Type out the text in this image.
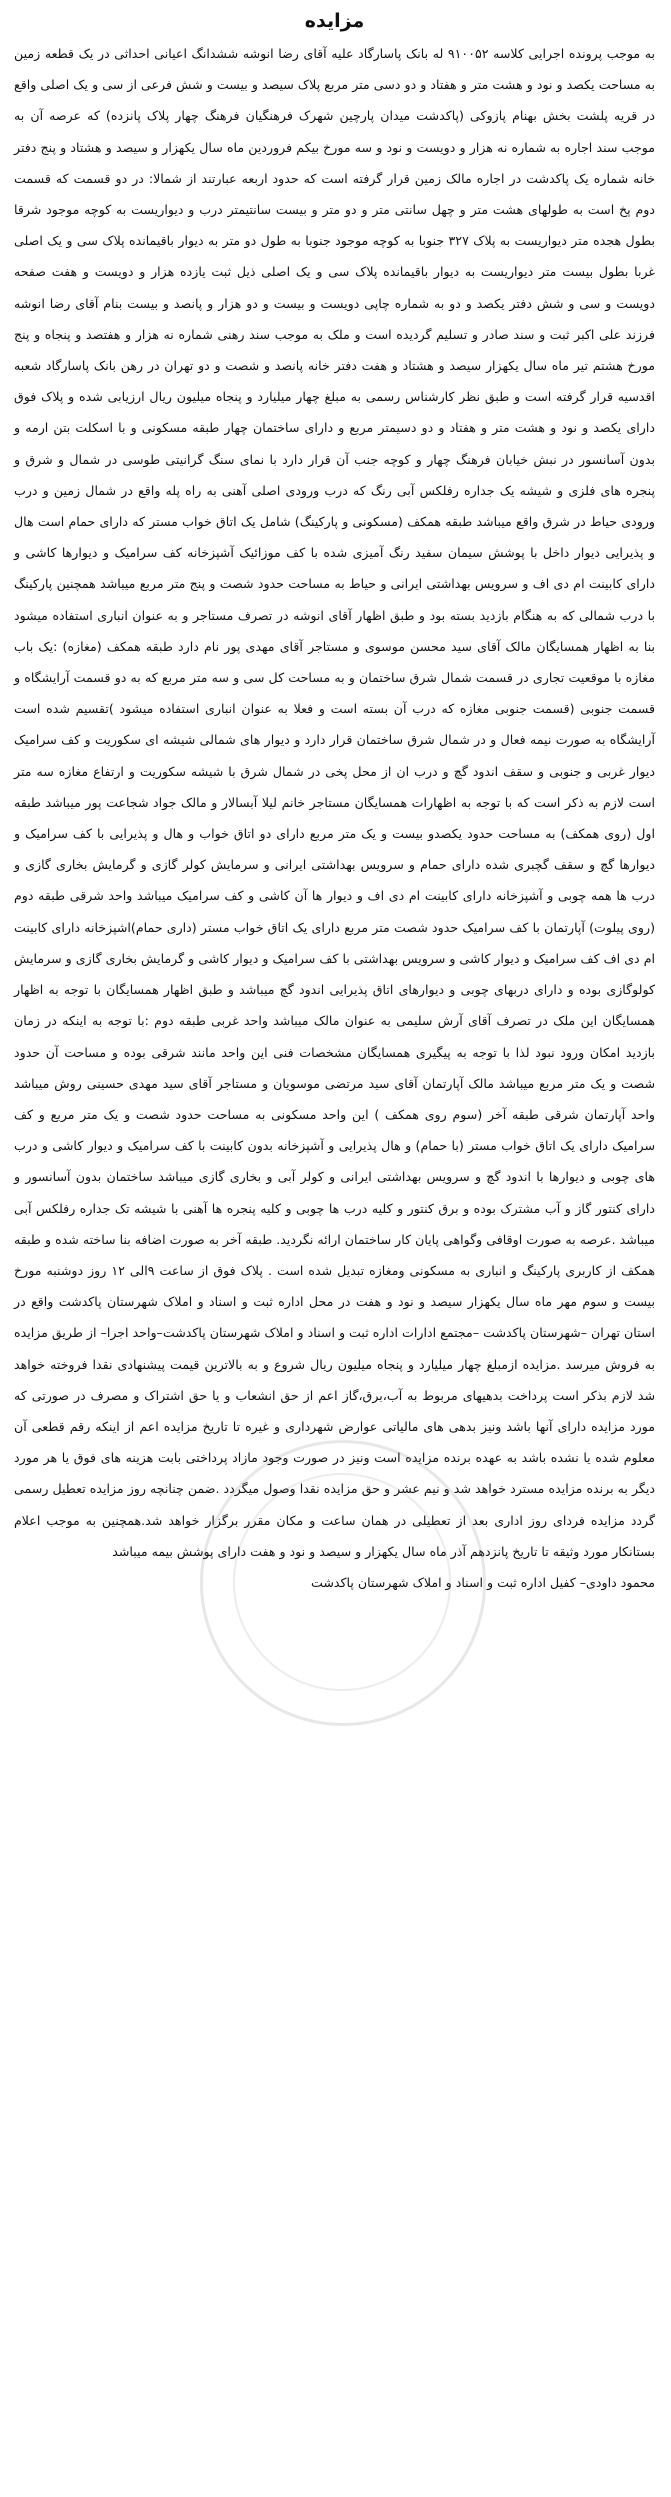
مزایده

به موجب پرونده اجرایی کلاسه ۹۱۰۰۵۲ له بانک پاسارگاد علیه آقای رضا انوشه ششدانگ اعیانی احداثی در یک قطعه زمین به مساحت یکصد و نود و هشت متر و هفتاد و دو دسی متر مربع پلاک سیصد و بیست و شش فرعی از سی و یک اصلی واقع در قریه پلشت بخش بهنام پازوکی (پاکدشت میدان پارچین شهرک فرهنگیان فرهنگ چهار پلاک پانزده) که عرصه آن به موجب سند اجاره به شماره نه هزار و دویست و نود و سه مورخ بیکم فروردین ماه سال یکهزار و سیصد و هشتاد و پنج دفتر خانه شماره یک پاکدشت در اجاره مالک زمین قرار گرفته است که حدود اربعه عبارتند از شمالا: در دو قسمت که قسمت دوم پخ است به طولهای هشت متر و چهل سانتی متر و دو متر و بیست سانتیمتر درب و دیواریست به کوچه موجود شرقا بطول هجده متر دیواریست به پلاک ۳۲۷ جنوبا به کوچه موجود جنوبا به طول دو متر به دیوار باقیمانده پلاک سی و یک اصلی غربا بطول بیست متر دیواریست به دیوار باقیمانده پلاک سی و یک اصلی ذیل ثبت یازده هزار و دویست و هفت صفحه دویست و سی و شش دفتر یکصد و دو به شماره چاپی دویست و بیست و دو هزار و پانصد و بیست بنام آقای رضا انوشه فرزند علی اکبر ثبت و سند صادر و تسلیم گردیده است و ملک به موجب سند رهنی شماره نه هزار و هفتصد و پنجاه و پنج مورخ هشتم تیر ماه سال یکهزار سیصد و هشتاد و هفت دفتر خانه پانصد و شصت و دو تهران در رهن بانک پاسارگاد شعبه اقدسیه قرار گرفته است و طبق نظر کارشناس رسمی به مبلغ چهار میلیارد و پنجاه میلیون ریال ارزیابی شده و پلاک فوق دارای یکصد و نود و هشت متر و هفتاد و دو دسیمتر مربع و دارای ساختمان چهار طبقه مسکونی و با اسکلت بتن ارمه و بدون آسانسور در نبش خیابان فرهنگ چهار و کوچه جنب آن قرار دارد با نمای سنگ گرانیتی طوسی در شمال و شرق و پنجره های فلزی و شیشه یک جداره رفلکس آبی رنگ که درب ورودی اصلی آهنی به راه پله واقع در شمال زمین و درب ورودی حیاط در شرق واقع میباشد طبقه همکف (مسکونی و پارکینگ) شامل یک اتاق خواب مستر که دارای حمام است هال و پذیرایی دیوار داخل با پوشش سیمان سفید رنگ آمیزی شده با کف موزائیک آشپزخانه کف سرامیک و دیوارها کاشی و دارای کابینت ام دی اف و سرویس بهداشتی ایرانی و حیاط به مساحت حدود شصت و پنج متر مربع میباشد همچنین پارکینگ با درب شمالی که به هنگام بازدید بسته بود و طبق اظهار آقای انوشه در تصرف مستاجر و به عنوان انباری استفاده میشود بنا به اظهار همسایگان مالک آقای سید محسن موسوی و مستاجر آقای مهدی پور نام دارد طبقه همکف (مغازه) :یک باب مغازه با موقعیت تجاری در قسمت شمال شرق ساختمان و به مساحت کل سی و سه متر مربع که به دو قسمت آرایشگاه و قسمت جنوبی (قسمت جنوبی مغازه که درب آن بسته است و فعلا به عنوان انباری استفاده میشود )تقسیم شده است آرایشگاه به صورت نیمه فعال و در شمال شرق ساختمان قرار دارد و دیوار های شمالی شیشه ای سکوریت و کف سرامیک دیوار غربی و جنوبی و سقف اندود گچ و درب ان از محل پخی در شمال شرق با شیشه سکوریت و ارتفاع مغازه سه متر است لازم به ذکر است که با توجه به اظهارات همسایگان مستاجر خانم لیلا آبسالار و مالک جواد شجاعت پور میباشد طبقه اول (روی همکف) به مساحت حدود یکصدو بیست و یک متر مربع دارای دو اتاق خواب و هال و پذیرایی با کف سرامیک و دیوارها گچ و سقف گچبری شده دارای حمام و سرویس بهداشتی ایرانی و سرمایش کولر گازی و گرمایش بخاری گازی و درب ها همه چوبی و آشپزخانه دارای کابینت ام دی اف و دیوار ها آن کاشی و کف سرامیک میباشد واحد شرقی طبقه دوم (روی پیلوت) آپارتمان با کف سرامیک حدود شصت متر مربع دارای یک اتاق خواب مستر (داری حمام)اشپزخانه دارای کابینت ام دی اف کف سرامیک و دیوار کاشی و سرویس بهداشتی با کف سرامیک و دیوار کاشی و گرمایش بخاری گازی و سرمایش کولوگازی بوده و دارای دربهای چوبی و دیوارهای اتاق پذیرایی اندود گچ میباشد و طبق اظهار همسایگان با توجه به اظهار همسایگان این ملک در تصرف آقای آرش سلیمی به عنوان مالک میباشد واحد غربی طبقه دوم :با توجه به اینکه در زمان بازدید امکان ورود نبود لذا با توجه به پیگیری همسایگان مشخصات فنی این واحد مانند شرقی بوده و مساحت آن حدود شصت و یک متر مربع میباشد مالک آپارتمان آقای سید مرتضی موسویان و مستاجر آقای سید مهدی حسینی روش میباشد واحد آپارتمان شرقی طبقه آخر (سوم روی همکف ) این واحد مسکونی به مساحت حدود شصت و یک متر مربع و کف سرامیک دارای یک اتاق خواب مستر (با حمام) و هال پذیرایی و آشپزخانه بدون کابینت با کف سرامیک و دیوار کاشی و درب های چوبی و دیوارها با اندود گچ و سرویس بهداشتی ایرانی و کولر آبی و بخاری گازی میباشد ساختمان بدون آسانسور و دارای کنتور گاز و آب مشترک بوده و برق کنتور و کلیه درب ها چوبی و کلیه پنجره ها آهنی با شیشه تک جداره رفلکس آبی میباشد .عرصه به صورت اوقافی وگواهی پایان کار ساختمان ارائه نگردید. طبقه آخر به صورت اضافه بنا ساخته شده و طبقه همکف از کاربری پارکینگ و انباری به مسکونی ومغازه تبدیل شده است . پلاک فوق از ساعت ۹الی ۱۲ روز دوشنبه مورخ بیست و سوم مهر ماه سال یکهزار سیصد و نود و هفت در محل اداره ثبت و اسناد و املاک شهرستان پاکدشت واقع در استان تهران –شهرستان پاکدشت –مجتمع ادارات اداره ثبت و اسناد و املاک شهرستان پاکدشت–واحد اجرا– از طریق مزایده به فروش میرسد .مزایده ازمبلغ چهار میلیارد و پنجاه میلیون ریال شروع و به بالاترین قیمت پیشنهادی نقدا فروخته خواهد شد لازم بذکر است پرداخت بدهیهای مربوط به آب،برق،گاز اعم از حق انشعاب و یا حق اشتراک و مصرف در صورتی که مورد مزایده دارای آنها باشد ونیز بدهی های مالیاتی عوارض شهرداری و غیره تا تاریخ مزایده اعم از اینکه رقم قطعی آن معلوم شده یا نشده باشد به عهده برنده مزایده است ونیز در صورت وجود مازاد پرداختی بابت هزینه های فوق یا هر مورد دیگر به برنده مزایده مسترد خواهد شد و نیم عشر و حق مزایده نقدا وصول میگردد .ضمن چنانچه روز مزایده تعطیل رسمی گردد مزایده فردای روز اداری بعد از تعطیلی در همان ساعت و مکان مقرر برگزار خواهد شد.همچنین به موجب اعلام بستانکار مورد وثیقه تا تاریخ پانزدهم آذر ماه سال یکهزار و سیصد و نود و هفت دارای پوشش بیمه میباشد

محمود داودی– کفیل اداره ثبت و اسناد و املاک شهرستان پاکدشت
